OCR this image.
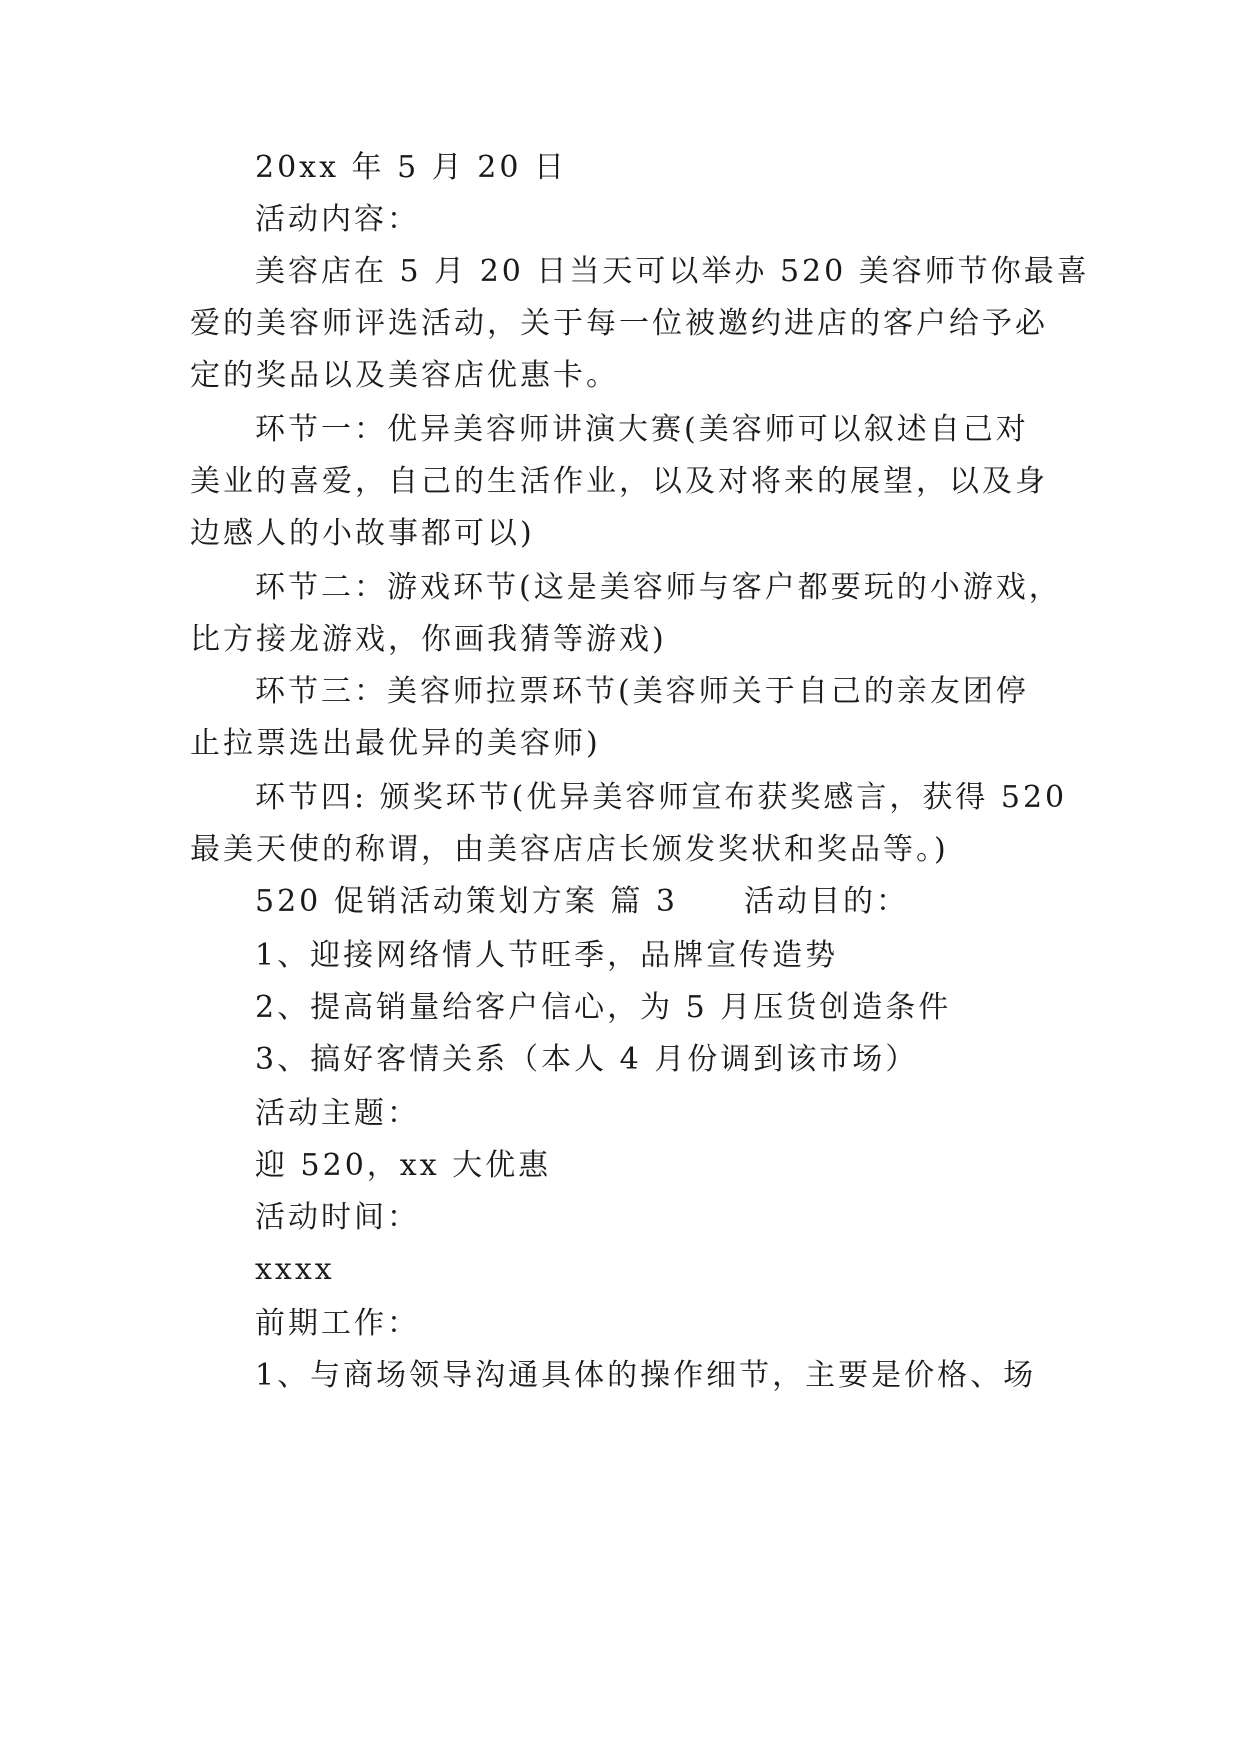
20xx 年 5 月 20 日
活动内容：
美容店在 5 月 20 日当天可以举办 520 美容师节你最喜
爱的美容师评选活动，关于每一位被邀约进店的客户给予必
定的奖品以及美容店优惠卡。
环节一：优异美容师讲演大赛(美容师可以叙述自己对
美业的喜爱，自己的生活作业，以及对将来的展望，以及身
边感人的小故事都可以)
环节二：游戏环节(这是美容师与客户都要玩的小游戏，
比方接龙游戏，你画我猜等游戏)
环节三：美容师拉票环节(美容师关于自己的亲友团停
止拉票选出最优异的美容师)
环节四: 颁奖环节(优异美容师宣布获奖感言，获得 520
最美天使的称谓，由美容店店长颁发奖状和奖品等。)
520 促销活动策划方案 篇 3　　活动目的：
1、迎接网络情人节旺季，品牌宣传造势
2、提高销量给客户信心，为 5 月压货创造条件
3、搞好客情关系（本人 4 月份调到该市场）
活动主题：
迎 520，xx 大优惠
活动时间：
xxxx
前期工作：
1、与商场领导沟通具体的操作细节，主要是价格、场
